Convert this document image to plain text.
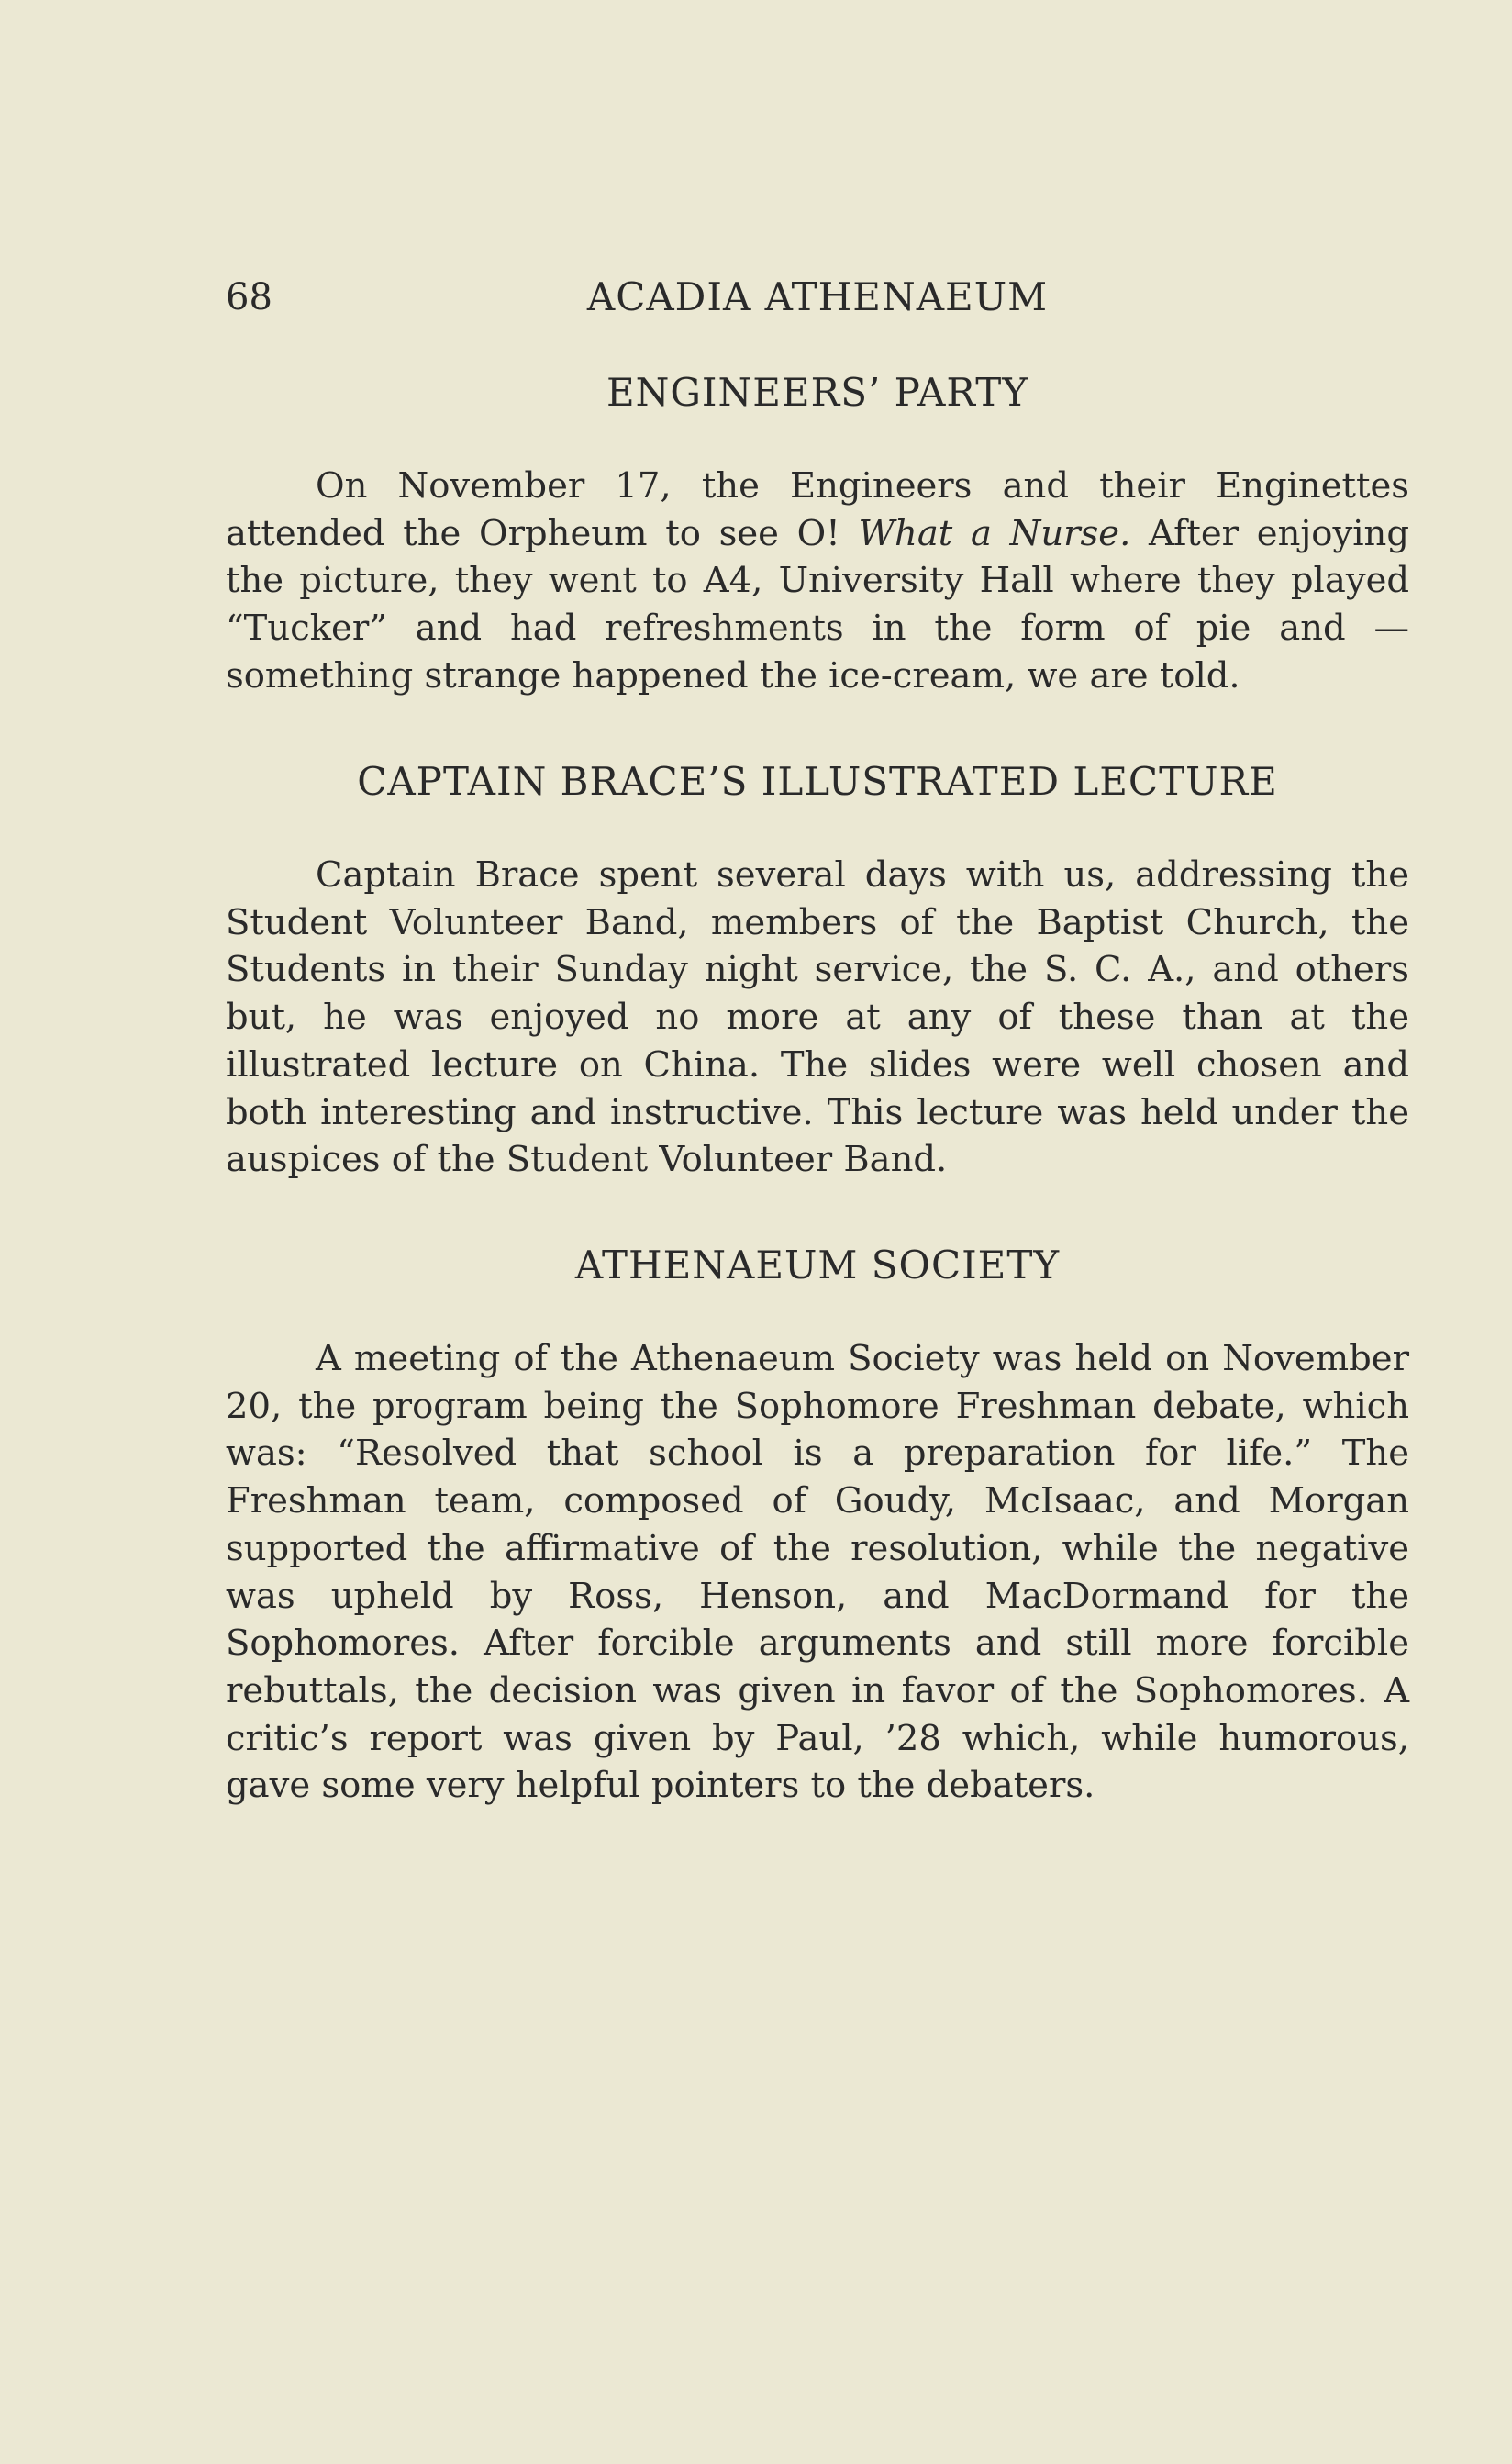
68	ACADIA ATHENAEUM
ENGINEERS’ PARTY

On November 17, the Engineers and their Enginettes attended the Orpheum to see O! What a Nurse. After enjoying the picture, they went to A4, University Hall where they played “Tucker” and had refreshments in the form of pie and —something strange happened the ice-cream, we are told.

CAPTAIN BRACE’S ILLUSTRATED LECTURE

Captain Brace spent several days with us, addressing the Student Volunteer Band, members of the Baptist Church, the Students in their Sunday night service, the S. C. A., and others but, he was enjoyed no more at any of these than at the illustrated lecture on China. The slides were well chosen and both interesting and instructive. This lecture was held under the auspices of the Student Volunteer Band.

ATHENAEUM SOCIETY

A meeting of the Athenaeum Society was held on November 20, the program being the Sophomore Freshman debate, which was: “Resolved that school is a preparation for life.” The Freshman team, composed of Goudy, McIsaac, and Morgan supported the affirmative of the resolution, while the negative was upheld by Ross, Henson, and MacDormand for the Sophomores. After forcible arguments and still more forcible rebuttals, the decision was given in favor of the Sophomores. A critic’s report was given by Paul, ’28 which, while humorous, gave some very helpful pointers to the debaters.
